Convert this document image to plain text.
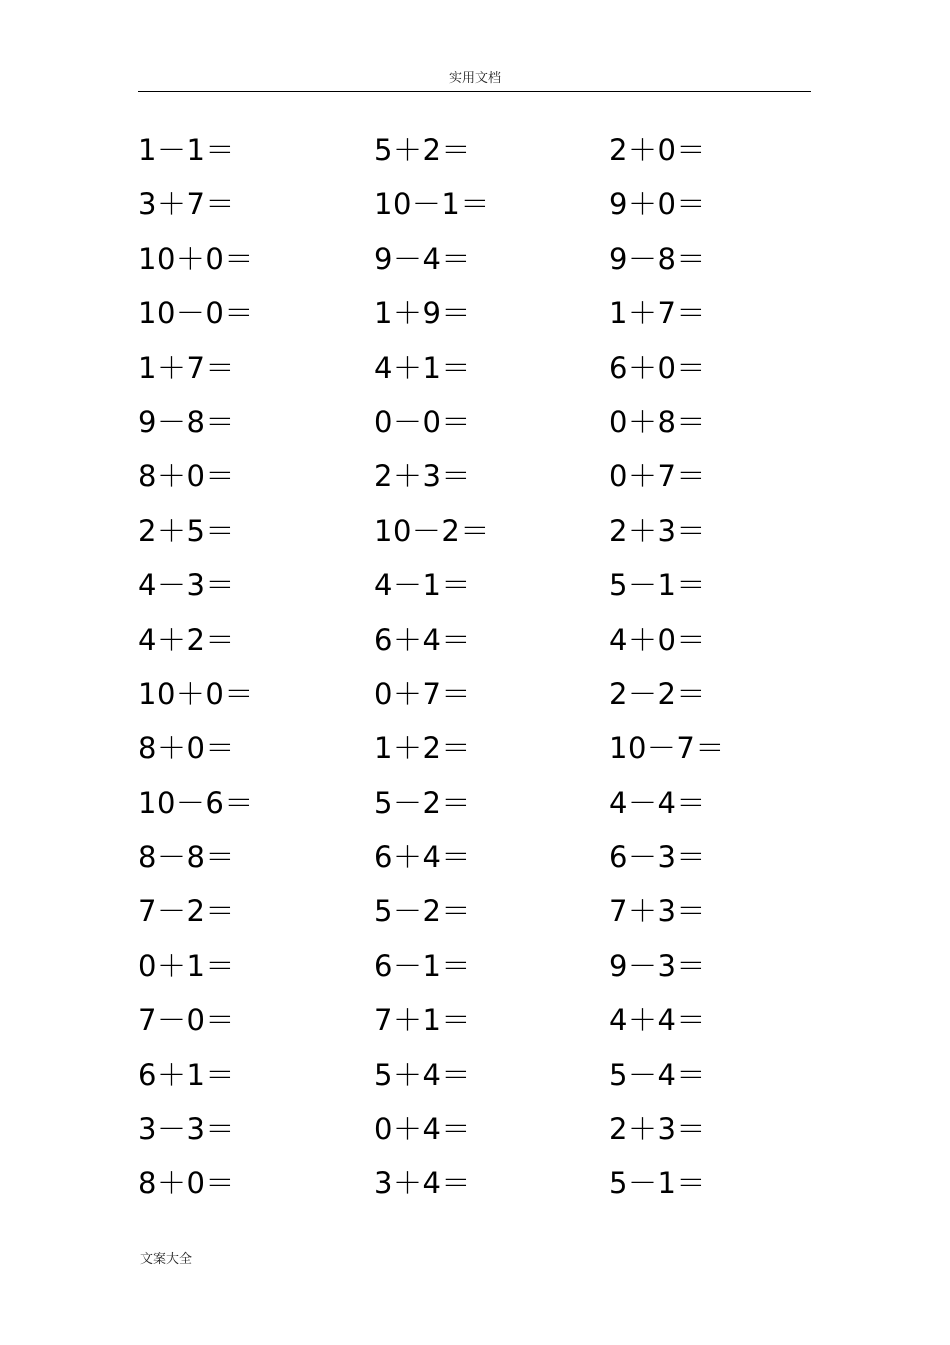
实用文档
1－1＝	5＋2＝	2＋0＝
3＋7＝	10－1＝	9＋0＝
10＋0＝	9－4＝	9－8＝
10－0＝	1＋9＝	1＋7＝
1＋7＝	4＋1＝	6＋0＝
9－8＝	0－0＝	0＋8＝
8＋0＝	2＋3＝	0＋7＝
2＋5＝	10－2＝	2＋3＝
4－3＝	4－1＝	5－1＝
4＋2＝	6＋4＝	4＋0＝
10＋0＝	0＋7＝	2－2＝
8＋0＝	1＋2＝	10－7＝
10－6＝	5－2＝	4－4＝
8－8＝	6＋4＝	6－3＝
7－2＝	5－2＝	7＋3＝
0＋1＝	6－1＝	9－3＝
7－0＝	7＋1＝	4＋4＝
6＋1＝	5＋4＝	5－4＝
3－3＝	0＋4＝	2＋3＝
8＋0＝	3＋4＝	5－1＝
文案大全
